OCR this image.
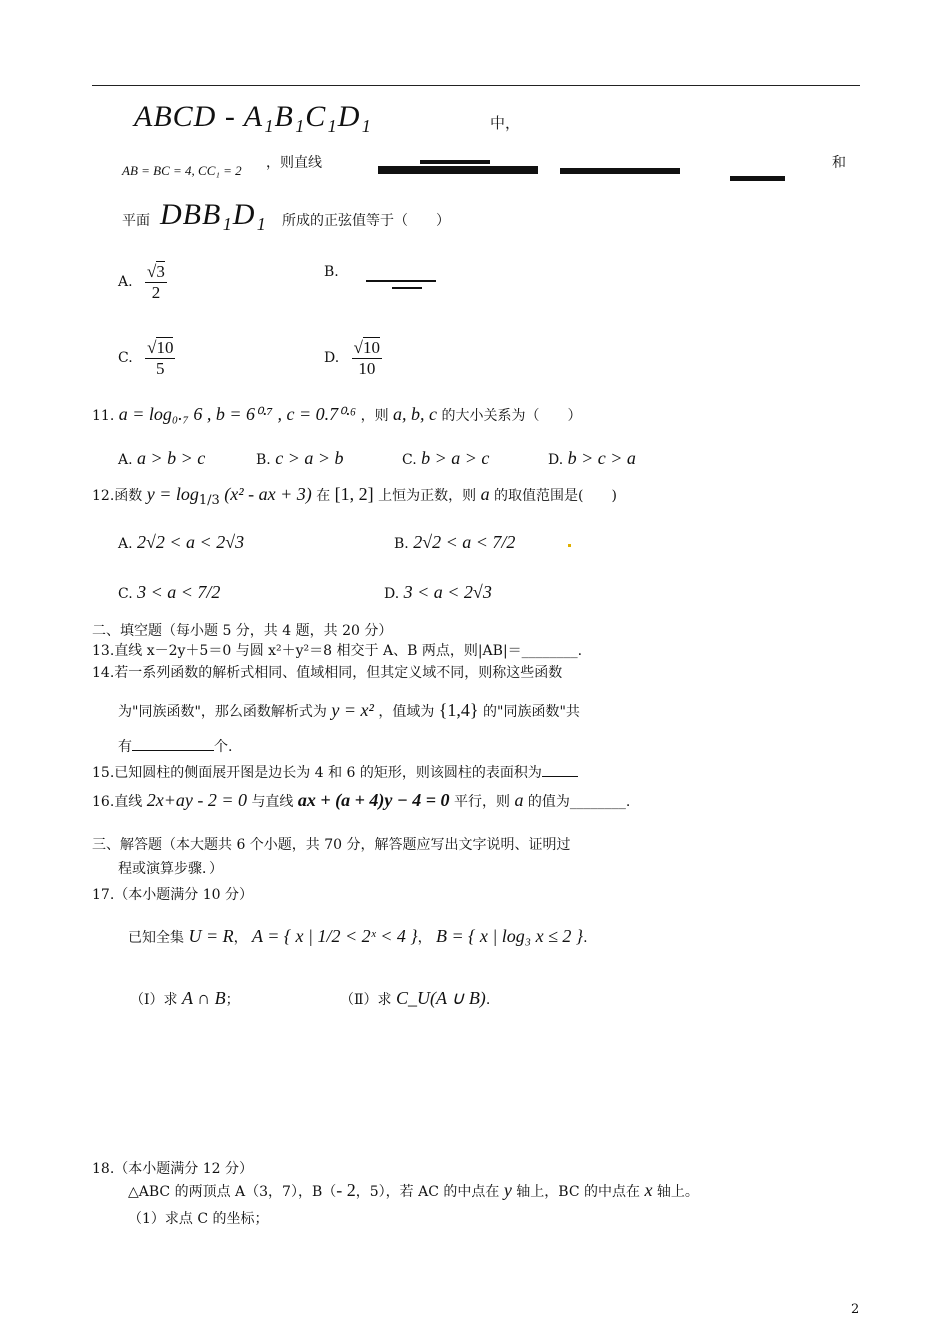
ABCD - A₁B₁C₁D₁	中，
AB = BC = 4, CC₁ = 2 ，则直线	和
平面 DBB₁D₁ 所成的正弦值等于（　　）
A. $\frac{√3}{2}$	B.
C. $\frac{√10}{5}$	D. $\frac{√10}{10}$
11. a = log₀.₇ 6 , b = 6⁰·⁷ , c = 0.7⁰·⁶ ，则 a, b, c 的大小关系为（　　）
A. a > b > c	B. c > a > b	C. b > a > c	D. b > c > a
12.函数 $y = \log_{1/3} (x^2$ - ax + 3) 在 [1, 2] 上恒为正数，则 a 的取值范围是(　　)
A. 2√2 < a < 2√3	B. 2√2 < a < 7/2
C. 3 < a < 7/2	D. 3 < a < 2√3
二、填空题（每小题 5 分，共 4 题，共 20 分）
13.直线 x－2y＋5＝0 与圆 x²＋y²＝8 相交于 A、B 两点，则|AB|＝________.
14.若一系列函数的解析式相同、值域相同，但其定义域不同，则称这些函数
为"同族函数"，那么函数解析式为 y = x² ，值域为 {1,4} 的"同族函数"共
有	个.
15.已知圆柱的侧面展开图是边长为 4 和 6 的矩形，则该圆柱的表面积为
16.直线 2x+ay - 2 = 0 与直线 ax + (a + 4)y − 4 = 0 平行，则 a 的值为________.
三、解答题（本大题共 6 个小题，共 70 分，解答题应写出文字说明、证明过
程或演算步骤．）
17.（本小题满分 10 分）
已知全集 U = R， A = { x | 1/2 < 2ˣ < 4 }， B = { x | log₃ x ≤ 2 }.
（Ⅰ）求 A ∩ B；	（Ⅱ）求 C_U(A ∪ B).
18.（本小题满分 12 分）
△ABC 的两顶点 A（3，7），B（- 2，5），若 AC 的中点在 y 轴上，BC 的中点在 x 轴上。
（1）求点 C 的坐标；
2
